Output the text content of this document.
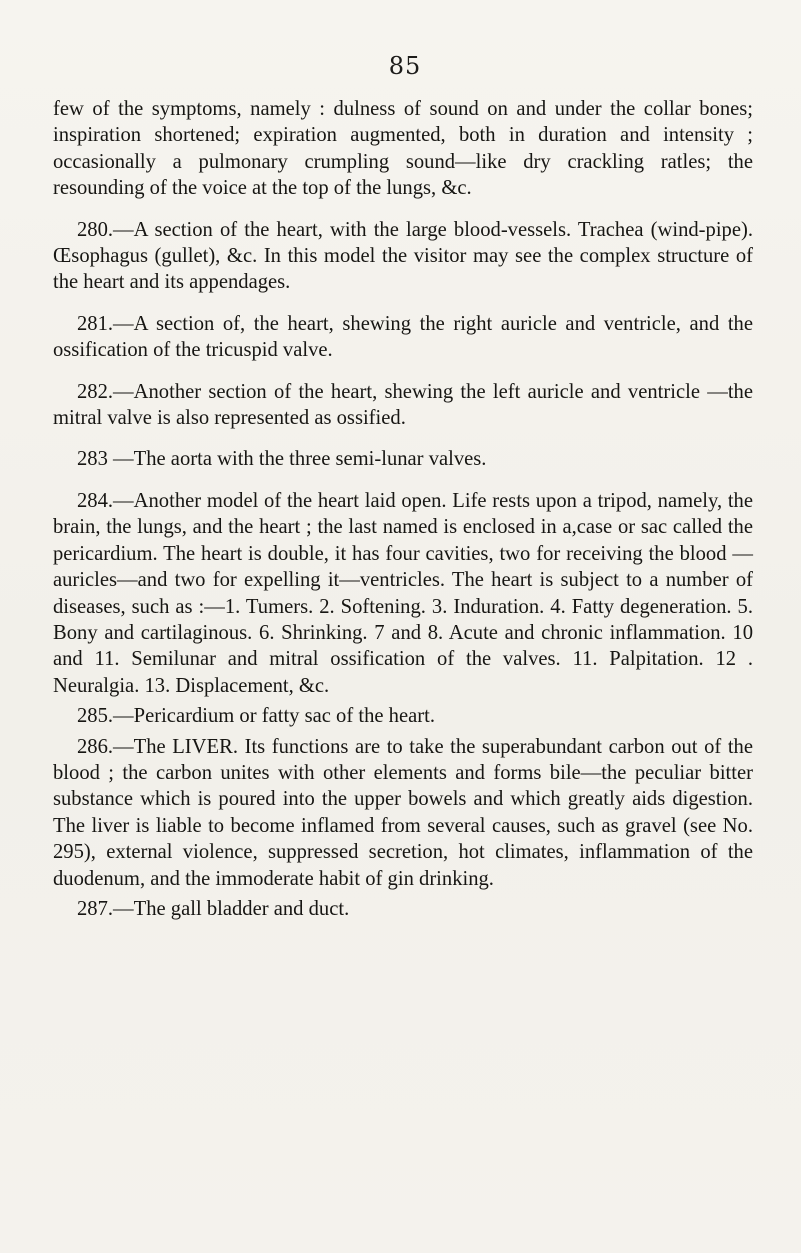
85

few of the symptoms, namely : dulness of sound on and under the collar bones; inspiration shortened; expiration augmented, both in duration and intensity ; occasionally a pulmonary crumpling sound—like dry crackling ratles; the resounding of the voice at the top of the lungs, &c.

280.—A section of the heart, with the large blood-vessels. Trachea (wind-pipe). Œsophagus (gullet), &c. In this model the visitor may see the complex structure of the heart and its appendages.

281.—A section of, the heart, shewing the right auricle and ventricle, and the ossification of the tricuspid valve.

282.—Another section of the heart, shewing the left auricle and ventricle —the mitral valve is also represented as ossified.

283 —The aorta with the three semi-lunar valves.

284.—Another model of the heart laid open. Life rests upon a tripod, namely, the brain, the lungs, and the heart ; the last named is enclosed in a,case or sac called the pericardium. The heart is double, it has four cavities, two for receiving the blood —auricles—and two for expelling it—ventricles. The heart is subject to a number of diseases, such as :—1. Tumers. 2. Softening. 3. Induration. 4. Fatty degeneration. 5. Bony and cartilaginous. 6. Shrinking. 7 and 8. Acute and chronic inflammation. 10 and 11. Semilunar and mitral ossification of the valves. 11. Palpitation. 12 . Neuralgia. 13. Displacement, &c.

285.—Pericardium or fatty sac of the heart.

286.—The LIVER. Its functions are to take the superabundant carbon out of the blood ; the carbon unites with other elements and forms bile—the peculiar bitter substance which is poured into the upper bowels and which greatly aids digestion. The liver is liable to become inflamed from several causes, such as gravel (see No. 295), external violence, suppressed secretion, hot climates, inflammation of the duodenum, and the immoderate habit of gin drinking.

287.—The gall bladder and duct.
